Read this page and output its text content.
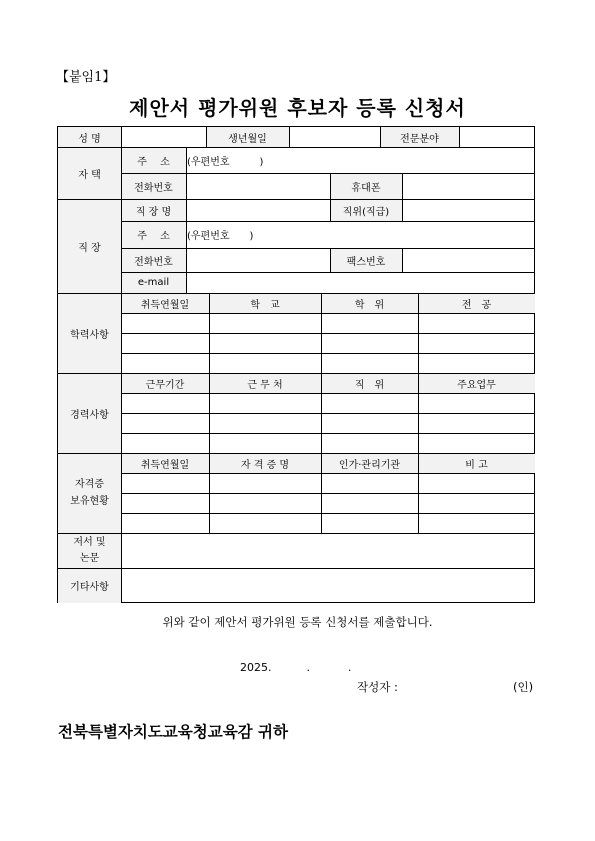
【붙임1】
제안서 평가위원 후보자 등록 신청서
성 명	생년월일	전문분야
자 택
주　 소	(우편번호　　　)
전화번호	휴대폰
직 장
직 장 명	직위(직급)
주　 소	(우편번호　　)
전화번호	팩스번호
e-mail
학력사항
취득연월일	학　교	학　위	전　공
경력사항
근무기간	근 무 처	직　위	주요업무
자격증
보유현황
취득연월일	자 격 증 명	인가·관리기관	비 고
저서 및
논문
기타사항
위와 같이 제안서 평가위원 등록 신청서를 제출합니다.
2025.	.	.
작성자 :	(인)
전북특별자치도교육청교육감 귀하
